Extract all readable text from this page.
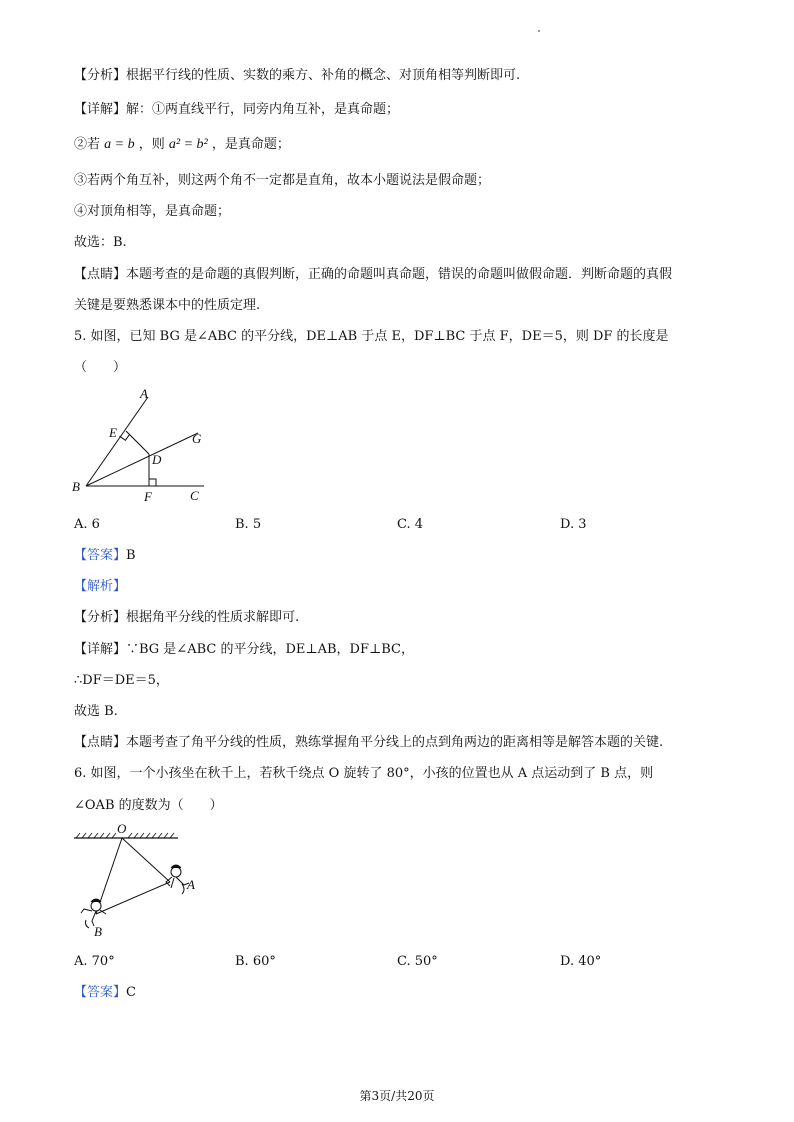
【分析】根据平行线的性质、实数的乘方、补角的概念、对顶角相等判断即可.
【详解】解：①两直线平行，同旁内角互补，是真命题；
②若 a = b ，则 a² = b² ，是真命题；
③若两个角互补，则这两个角不一定都是直角，故本小题说法是假命题；
④对顶角相等，是真命题；
故选：B.
【点睛】本题考查的是命题的真假判断，正确的命题叫真命题，错误的命题叫做假命题．判断命题的真假
关键是要熟悉课本中的性质定理.
5. 如图，已知 BG 是∠ABC 的平分线，DE⊥AB 于点 E，DF⊥BC 于点 F，DE＝5，则 DF 的长度是
（　　）
A
E	G
D
B
F	C
A. 6	B. 5	C. 4	D. 3
【答案】B
【解析】
【分析】根据角平分线的性质求解即可.
【详解】∵BG 是∠ABC 的平分线，DE⊥AB，DF⊥BC，
∴DF＝DE＝5，
故选 B.
【点睛】本题考查了角平分线的性质，熟练掌握角平分线上的点到角两边的距离相等是解答本题的关键.
6. 如图，一个小孩坐在秋千上，若秋千绕点 O 旋转了 80°，小孩的位置也从 A 点运动到了 B 点，则
∠OAB 的度数为（　　）
O
A
B
A. 70°	B. 60°	C. 50°	D. 40°
【答案】C
第3页/共20页
